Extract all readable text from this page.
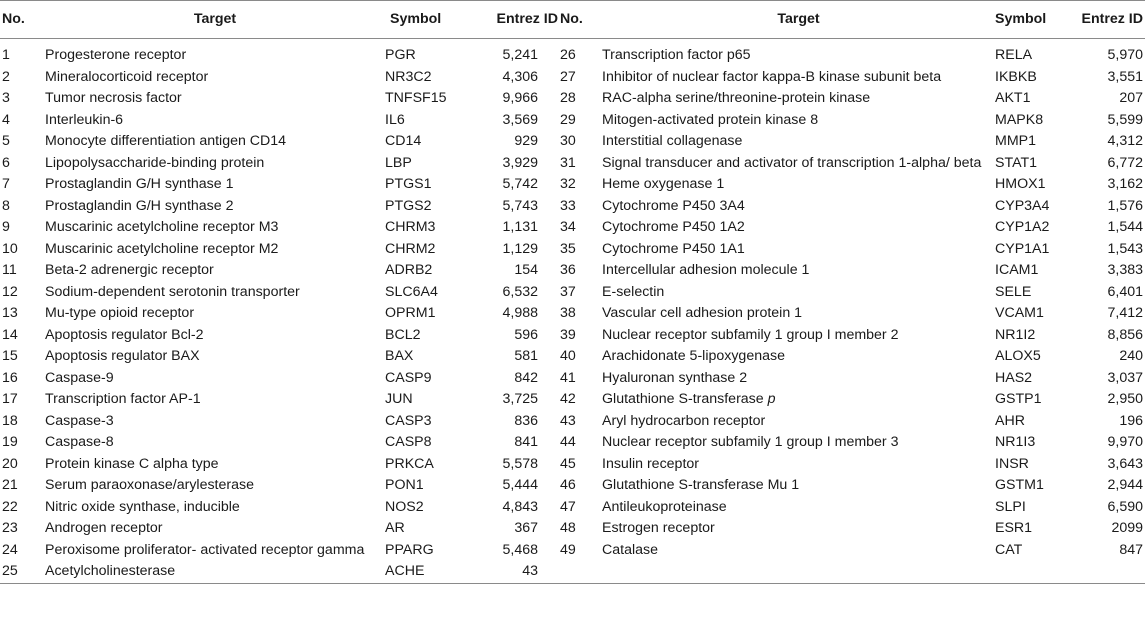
No.	Target	Symbol	Entrez ID	No.	Target	Symbol	Entrez ID
1	Progesterone receptor	PGR	5,241	26	Transcription factor p65	RELA	5,970
2	Mineralocorticoid receptor	NR3C2	4,306	27	Inhibitor of nuclear factor kappa-B kinase subunit beta	IKBKB	3,551
3	Tumor necrosis factor	TNFSF15	9,966	28	RAC-alpha serine/threonine-protein kinase	AKT1	207
4	Interleukin-6	IL6	3,569	29	Mitogen-activated protein kinase 8	MAPK8	5,599
5	Monocyte differentiation antigen CD14	CD14	929	30	Interstitial collagenase	MMP1	4,312
6	Lipopolysaccharide-binding protein	LBP	3,929	31	Signal transducer and activator of transcription 1-alpha/ beta	STAT1	6,772
7	Prostaglandin G/H synthase 1	PTGS1	5,742	32	Heme oxygenase 1	HMOX1	3,162
8	Prostaglandin G/H synthase 2	PTGS2	5,743	33	Cytochrome P450 3A4	CYP3A4	1,576
9	Muscarinic acetylcholine receptor M3	CHRM3	1,131	34	Cytochrome P450 1A2	CYP1A2	1,544
10	Muscarinic acetylcholine receptor M2	CHRM2	1,129	35	Cytochrome P450 1A1	CYP1A1	1,543
11	Beta-2 adrenergic receptor	ADRB2	154	36	Intercellular adhesion molecule 1	ICAM1	3,383
12	Sodium-dependent serotonin transporter	SLC6A4	6,532	37	E-selectin	SELE	6,401
13	Mu-type opioid receptor	OPRM1	4,988	38	Vascular cell adhesion protein 1	VCAM1	7,412
14	Apoptosis regulator Bcl-2	BCL2	596	39	Nuclear receptor subfamily 1 group I member 2	NR1I2	8,856
15	Apoptosis regulator BAX	BAX	581	40	Arachidonate 5-lipoxygenase	ALOX5	240
16	Caspase-9	CASP9	842	41	Hyaluronan synthase 2	HAS2	3,037
17	Transcription factor AP-1	JUN	3,725	42	Glutathione S-transferase p	GSTP1	2,950
18	Caspase-3	CASP3	836	43	Aryl hydrocarbon receptor	AHR	196
19	Caspase-8	CASP8	841	44	Nuclear receptor subfamily 1 group I member 3	NR1I3	9,970
20	Protein kinase C alpha type	PRKCA	5,578	45	Insulin receptor	INSR	3,643
21	Serum paraoxonase/arylesterase	PON1	5,444	46	Glutathione S-transferase Mu 1	GSTM1	2,944
22	Nitric oxide synthase, inducible	NOS2	4,843	47	Antileukoproteinase	SLPI	6,590
23	Androgen receptor	AR	367	48	Estrogen receptor	ESR1	2099
24	Peroxisome proliferator- activated receptor gamma	PPARG	5,468	49	Catalase	CAT	847
25	Acetylcholinesterase	ACHE	43				
